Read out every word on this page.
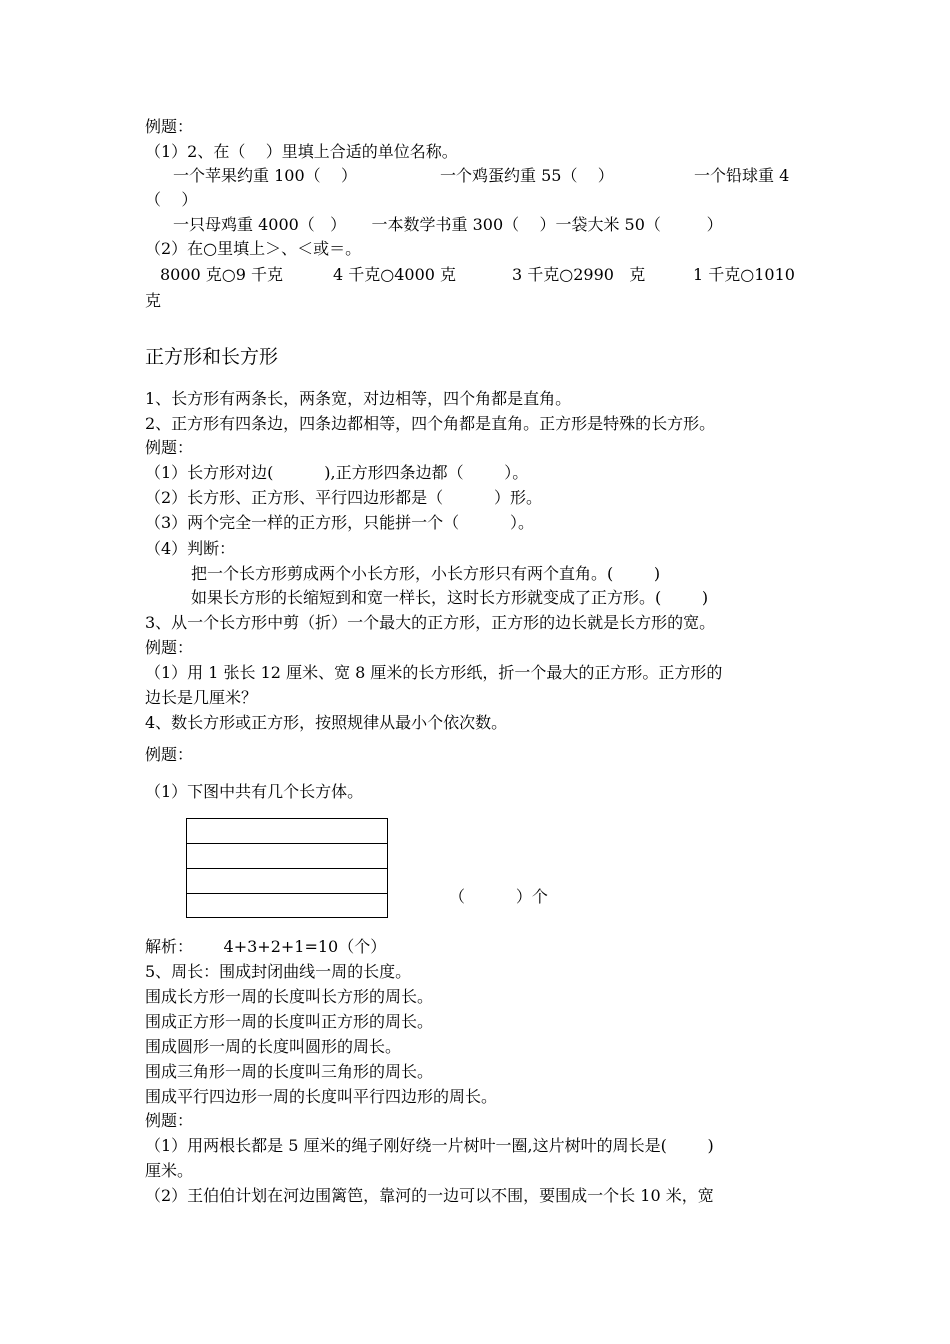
例题：
（1）2、在（    ）里填上合适的单位名称。
一个苹果约重 100（    ）	一个鸡蛋约重 55（    ）	一个铅球重 4
（    ）
一只母鸡重 4000（   ）     一本数学书重 300（    ）一袋大米 50（         ）
（2）在○里填上＞、＜或＝。
8000 克○9 千克	4 千克○4000 克	3 千克○2990   克	1 千克○1010
克
正方形和长方形
1、长方形有两条长，两条宽，对边相等，四个角都是直角。
2、正方形有四条边，四条边都相等，四个角都是直角。正方形是特殊的长方形。
例题：
（1）长方形对边(          ),正方形四条边都（        ）。
（2）长方形、正方形、平行四边形都是（          ）形。
（3）两个完全一样的正方形，只能拼一个（          ）。
（4）判断：
把一个长方形剪成两个小长方形，小长方形只有两个直角。(        )
如果长方形的长缩短到和宽一样长，这时长方形就变成了正方形。(        )
3、从一个长方形中剪（折）一个最大的正方形，正方形的边长就是长方形的宽。
例题：
（1）用 1 张长 12 厘米、宽 8 厘米的长方形纸，折一个最大的正方形。正方形的
边长是几厘米？
4、数长方形或正方形，按照规律从最小个依次数。
例题：
（1）下图中共有几个长方体。
（          ）个
解析：      4+3+2+1=10（个）
5、周长：围成封闭曲线一周的长度。
围成长方形一周的长度叫长方形的周长。
围成正方形一周的长度叫正方形的周长。
围成圆形一周的长度叫圆形的周长。
围成三角形一周的长度叫三角形的周长。
围成平行四边形一周的长度叫平行四边形的周长。
例题：
（1）用两根长都是 5 厘米的绳子刚好绕一片树叶一圈,这片树叶的周长是(        )
厘米。
（2）王伯伯计划在河边围篱笆，靠河的一边可以不围，要围成一个长 10 米，宽
